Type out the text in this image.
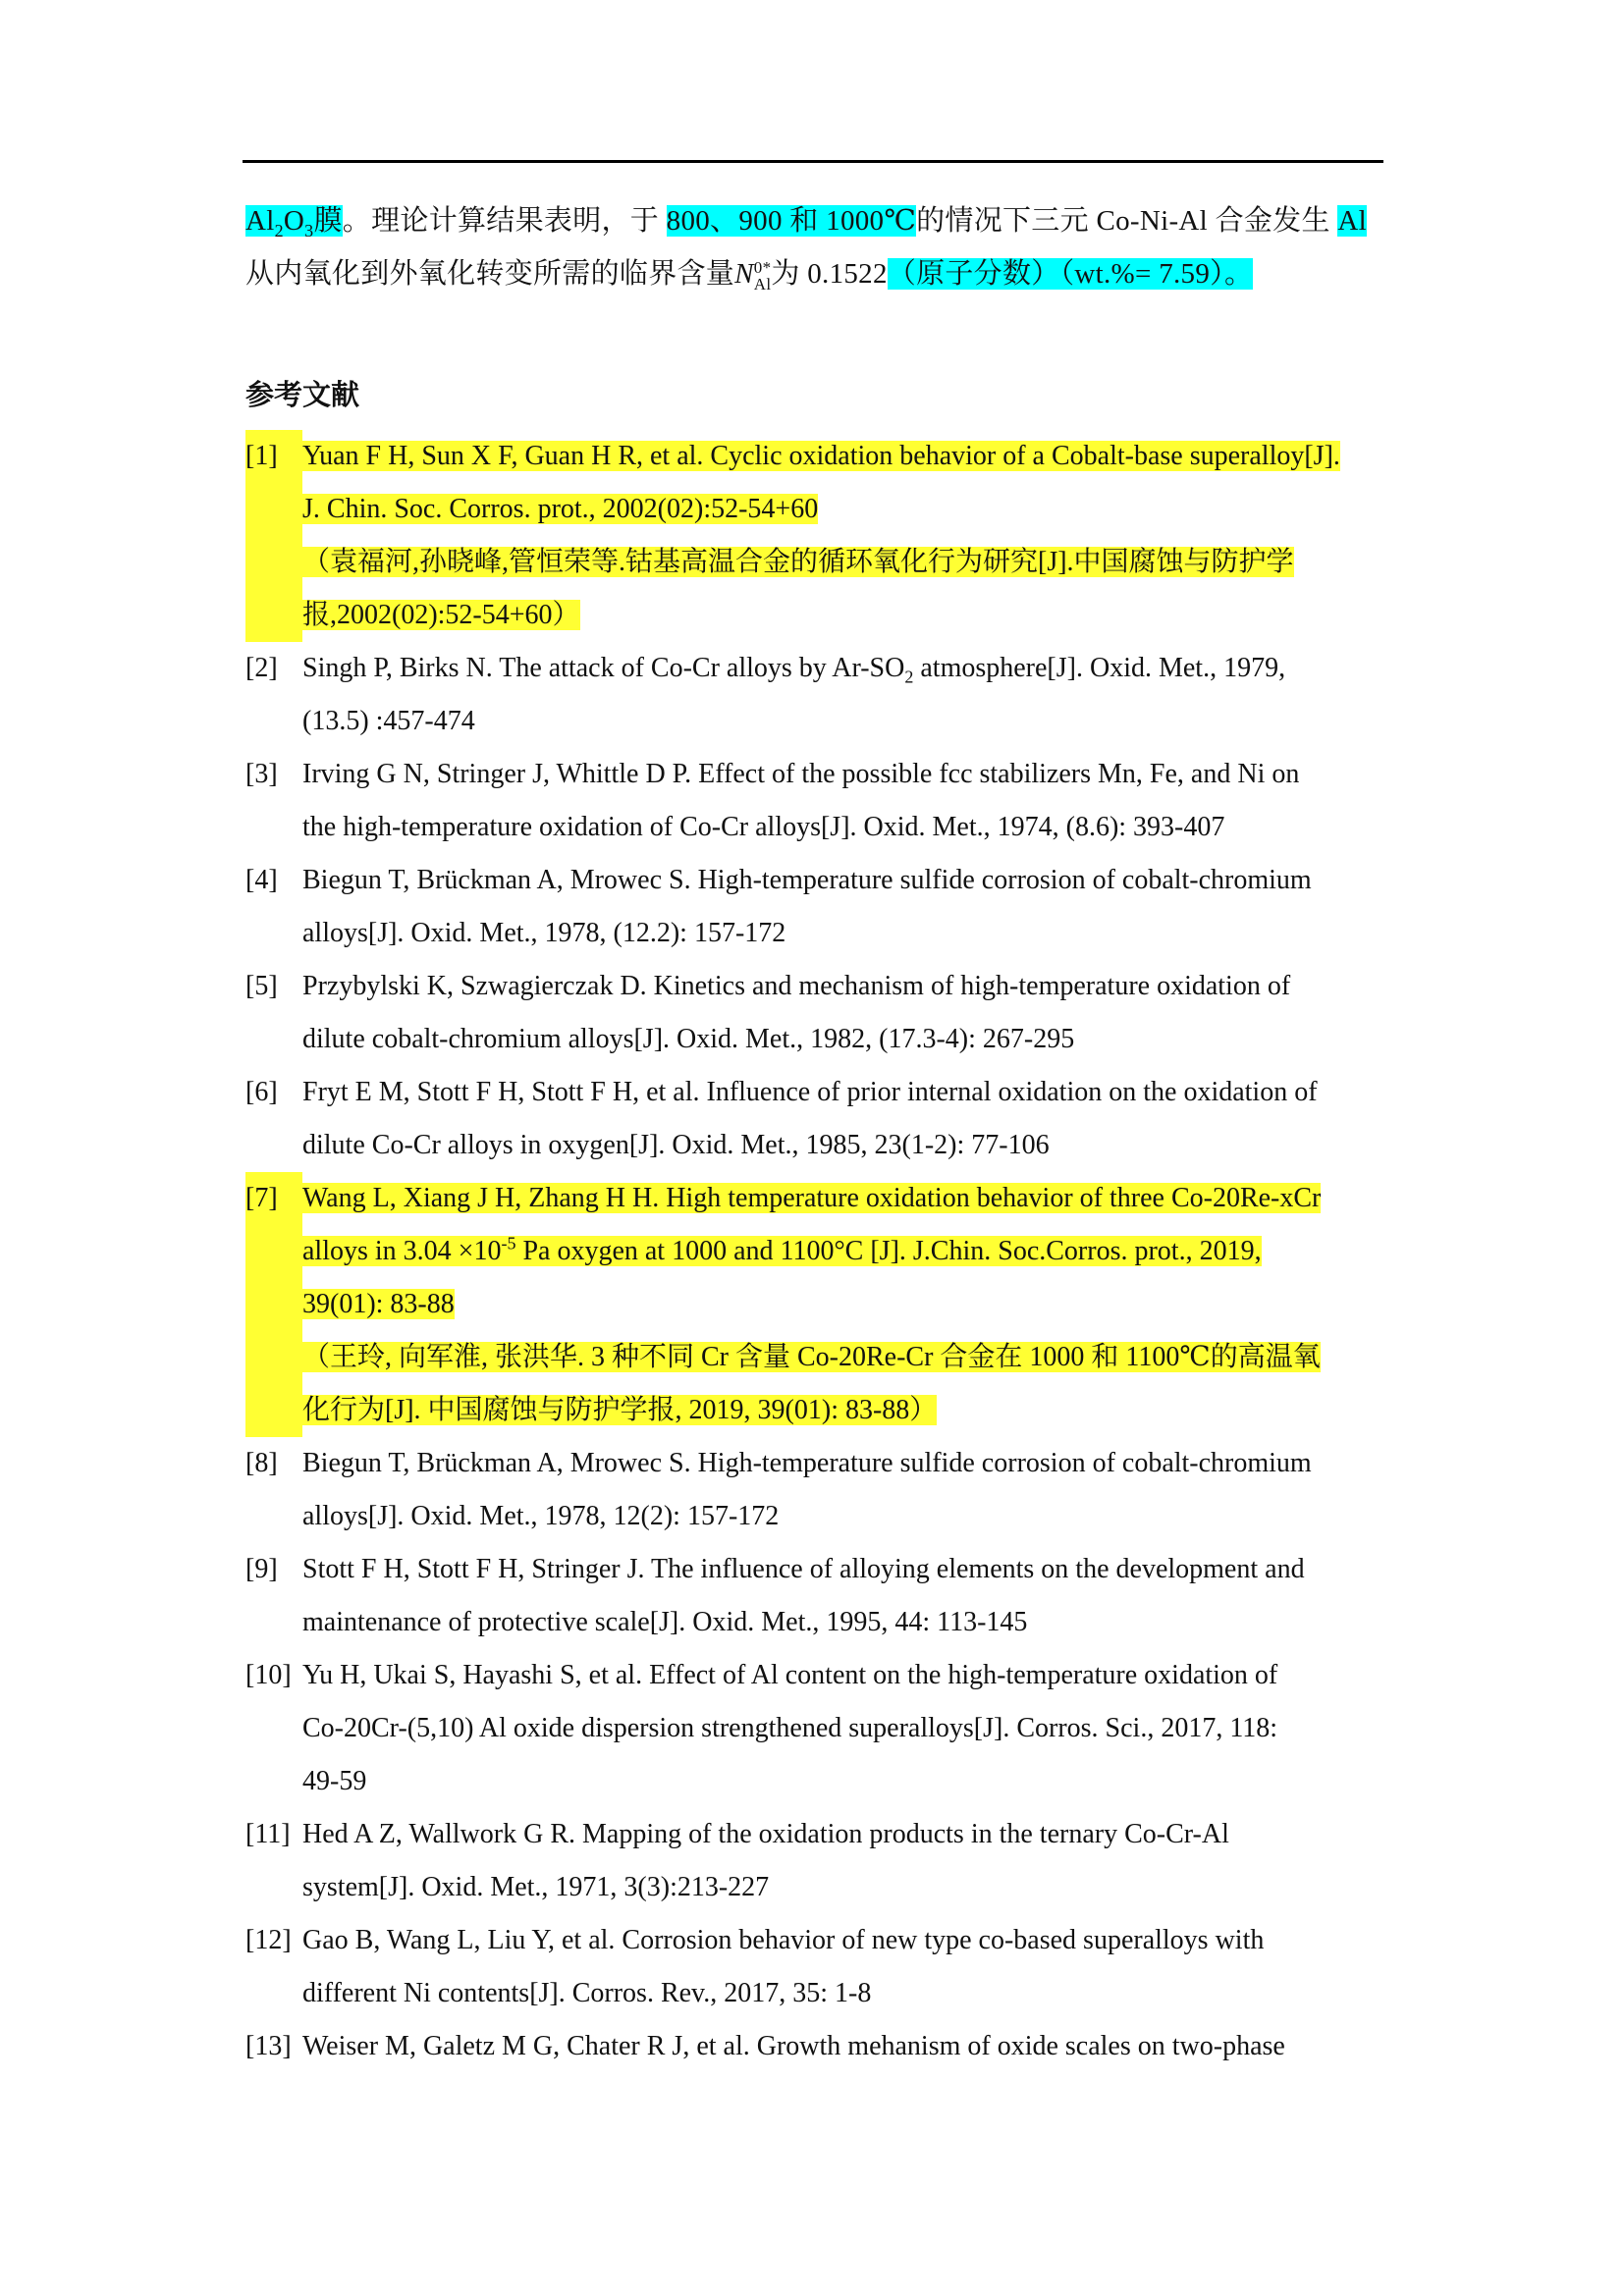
$Al_2O_3$膜。理论计算结果表明，于 800、900 和 1000℃的情况下三元 Co-Ni-Al 合金发生 Al
从内氧化到外氧化转变所需的临界含量N 0*
Al 为 0.1522（原子分数）（wt.%= 7.59）。
参考文献
[1] Yuan F H, Sun X F, Guan H R, et al. Cyclic oxidation behavior of a Cobalt-base superalloy[J].
J. Chin. Soc. Corros. prot., 2002(02):52-54+60
（袁福河,孙晓峰,管恒荣等.钴基高温合金的循环氧化行为研究[J].中国腐蚀与防护学
报,2002(02):52-54+60）
[2] Singh P, Birks N. The attack of Co-Cr alloys by $Ar-SO_2$ atmosphere[J]. Oxid. Met., 1979,
(13.5) :457-474
[3] Irving G N, Stringer J, Whittle D P. Effect of the possible fcc stabilizers Mn, Fe, and Ni on
the high-temperature oxidation of Co-Cr alloys[J]. Oxid. Met., 1974, (8.6): 393-407
[4] Biegun T, Brückman A, Mrowec S. High-temperature sulfide corrosion of cobalt-chromium
alloys[J]. Oxid. Met., 1978, (12.2): 157-172
[5] Przybylski K, Szwagierczak D. Kinetics and mechanism of high-temperature oxidation of
dilute cobalt-chromium alloys[J]. Oxid. Met., 1982, (17.3-4): 267-295
[6] Fryt E M, Stott F H, Stott F H, et al. Influence of prior internal oxidation on the oxidation of
dilute Co-Cr alloys in oxygen[J]. Oxid. Met., 1985, 23(1-2): 77-106
[7] Wang L, Xiang J H, Zhang H H. High temperature oxidation behavior of three Co-20Re-xCr
alloys in $3.04 \times 10^{-5}$ Pa oxygen at 1000 and 1100°C [J]. J.Chin. Soc.Corros. prot., 2019,
39(01): 83-88
（王玲, 向军淮, 张洪华. 3 种不同 Cr 含量 Co-20Re-Cr 合金在 1000 和 1100℃的高温氧
化行为[J]. 中国腐蚀与防护学报, 2019, 39(01): 83-88）
[8] Biegun T, Brückman A, Mrowec S. High-temperature sulfide corrosion of cobalt-chromium
alloys[J]. Oxid. Met., 1978, 12(2): 157-172
[9] Stott F H, Stott F H, Stringer J. The influence of alloying elements on the development and
maintenance of protective scale[J]. Oxid. Met., 1995, 44: 113-145
[10] Yu H, Ukai S, Hayashi S, et al. Effect of Al content on the high-temperature oxidation of
Co-20Cr-(5,10) Al oxide dispersion strengthened superalloys[J]. Corros. Sci., 2017, 118:
49-59
[11] Hed A Z, Wallwork G R. Mapping of the oxidation products in the ternary Co-Cr-Al
system[J]. Oxid. Met., 1971, 3(3):213-227
[12] Gao B, Wang L, Liu Y, et al. Corrosion behavior of new type co-based superalloys with
different Ni contents[J]. Corros. Rev., 2017, 35: 1-8
[13] Weiser M, Galetz M G, Chater R J, et al. Growth mehanism of oxide scales on two-phase
